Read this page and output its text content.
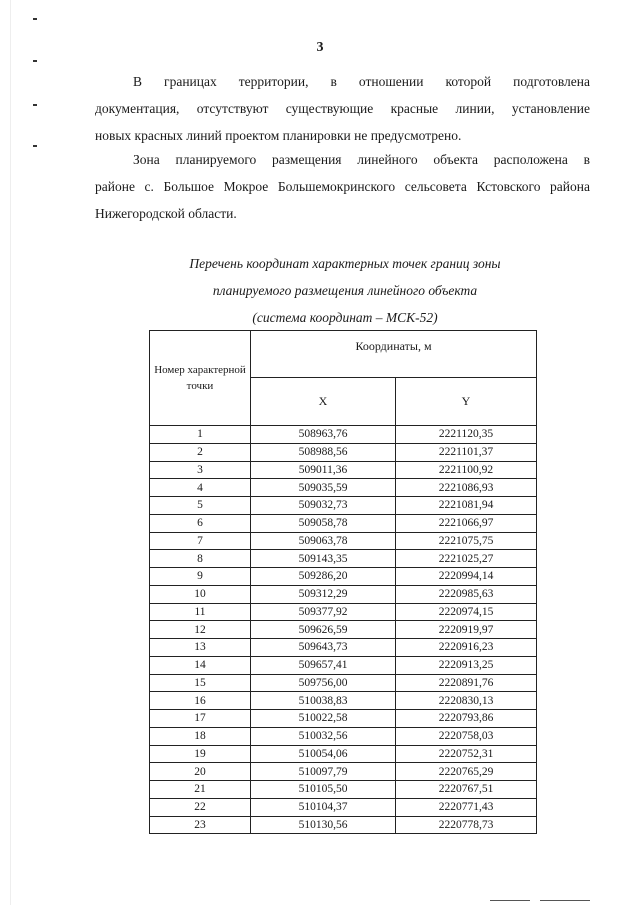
3
В границах территории, в отношении которой подготовлена
документация, отсутствуют существующие красные линии, установление
новых красных линий проектом планировки не предусмотрено.
Зона планируемого размещения линейного объекта расположена в
районе с. Большое Мокрое Большемокринского сельсовета Кстовского района
Нижегородской области.
Перечень координат характерных точек границ зоны
планируемого размещения линейного объекта
(система координат – МСК-52)
Номер характерной точки	Координаты, м	
	X	Y
1	508963,76	2221120,35
2	508988,56	2221101,37
3	509011,36	2221100,92
4	509035,59	2221086,93
5	509032,73	2221081,94
6	509058,78	2221066,97
7	509063,78	2221075,75
8	509143,35	2221025,27
9	509286,20	2220994,14
10	509312,29	2220985,63
11	509377,92	2220974,15
12	509626,59	2220919,97
13	509643,73	2220916,23
14	509657,41	2220913,25
15	509756,00	2220891,76
16	510038,83	2220830,13
17	510022,58	2220793,86
18	510032,56	2220758,03
19	510054,06	2220752,31
20	510097,79	2220765,29
21	510105,50	2220767,51
22	510104,37	2220771,43
23	510130,56	2220778,73
